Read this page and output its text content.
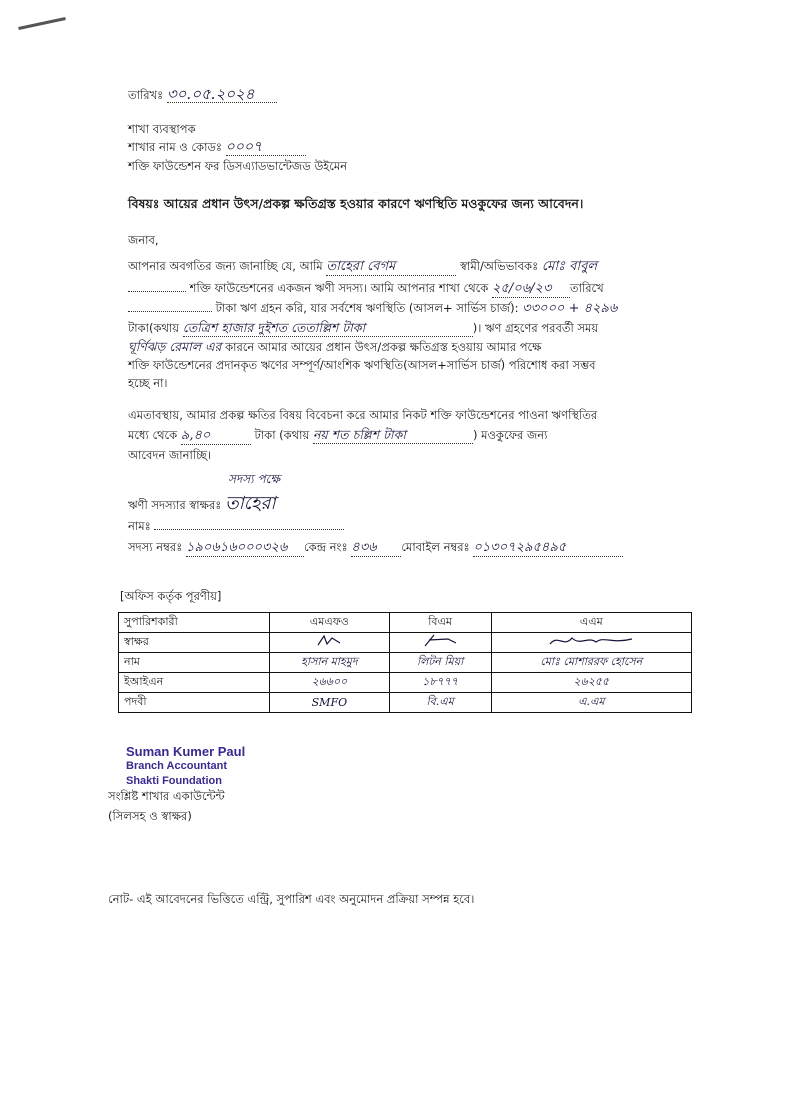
তারিখঃ ৩০.০৫.২০২৪
শাখা ব্যবস্থাপক
শাখার নাম ও কোডঃ ০০০৭
শক্তি ফাউন্ডেশন ফর ডিসএ্যাডভান্টেজড উইমেন
বিষয়ঃ আয়ের প্রধান উৎস/প্রকল্প ক্ষতিগ্রস্ত হওয়ার কারণে ঋণস্থিতি মওকুফের জন্য আবেদন।
জনাব,
আপনার অবগতির জন্য জানাচ্ছি যে, আমি তাহেরা বেগম	স্বামী/অভিভাবকঃ মোঃ বাবুল
শক্তি ফাউন্ডেশনের একজন ঋণী সদস্য। আমি আপনার শাখা থেকে ২৫/০৬/২৩ তারিখে
টাকা ঋণ গ্রহন করি, যার সর্বশেষ ঋণস্থিতি (আসল+ সার্ভিস চার্জ): ৩৩০০০ + ৪২৯৬
টাকা(কথায় তেত্রিশ হাজার দুইশত তেতাল্লিশ টাকা	)। ঋণ গ্রহণের পরবর্তী সময়
ঘূর্ণিঝড় রেমাল এর কারনে আমার আয়ের প্রধান উৎস/প্রকল্প ক্ষতিগ্রস্ত হওয়ায় আমার পক্ষে
শক্তি ফাউন্ডেশনের প্রদানকৃত ঋণের সম্পূর্ণ/আংশিক ঋণস্থিতি(আসল+সার্ভিস চার্জ) পরিশোধ করা সম্ভব
হচ্ছে না।
এমতাবস্থায়, আমার প্রকল্প ক্ষতির বিষয় বিবেচনা করে আমার নিকট শক্তি ফাউন্ডেশনের পাওনা ঋণস্থিতির
মধ্যে থেকে ৯,৪০	টাকা (কথায় নয় শত চল্লিশ টাকা	) মওকুফের জন্য
আবেদন জানাচ্ছি।
সদস্য পক্ষে
ঋণী সদস্যার স্বাক্ষরঃ তাহেরা
নামঃ
সদস্য নম্বরঃ ১৯০৬১৬০০০৩২৬ কেন্দ্র নংঃ ৪৩৬ মোবাইল নম্বরঃ ০১৩০৭২৯৫৪৯৫
[অফিস কর্তৃক পূরণীয়]
সুপারিশকারী	এমএফও	বিএম	এএম
স্বাক্ষর			
নাম	হাসান মাহমুদ	লিটন মিয়া	মোঃ মোশাররফ হোসেন
ইআইএন	২৬৬০০	১৮৭৭৭	২৬২৫৫
পদবী	SMFO	বি.এম	এ.এম
Suman Kumer Paul
Branch Accountant
Shakti Foundation
সংশ্লিষ্ট শাখার একাউন্টেন্ট
(সিলসহ ও স্বাক্ষর)
নোট- এই আবেদনের ভিত্তিতে এন্ট্রি, সুপারিশ এবং অনুমোদন প্রক্রিয়া সম্পন্ন হবে।
